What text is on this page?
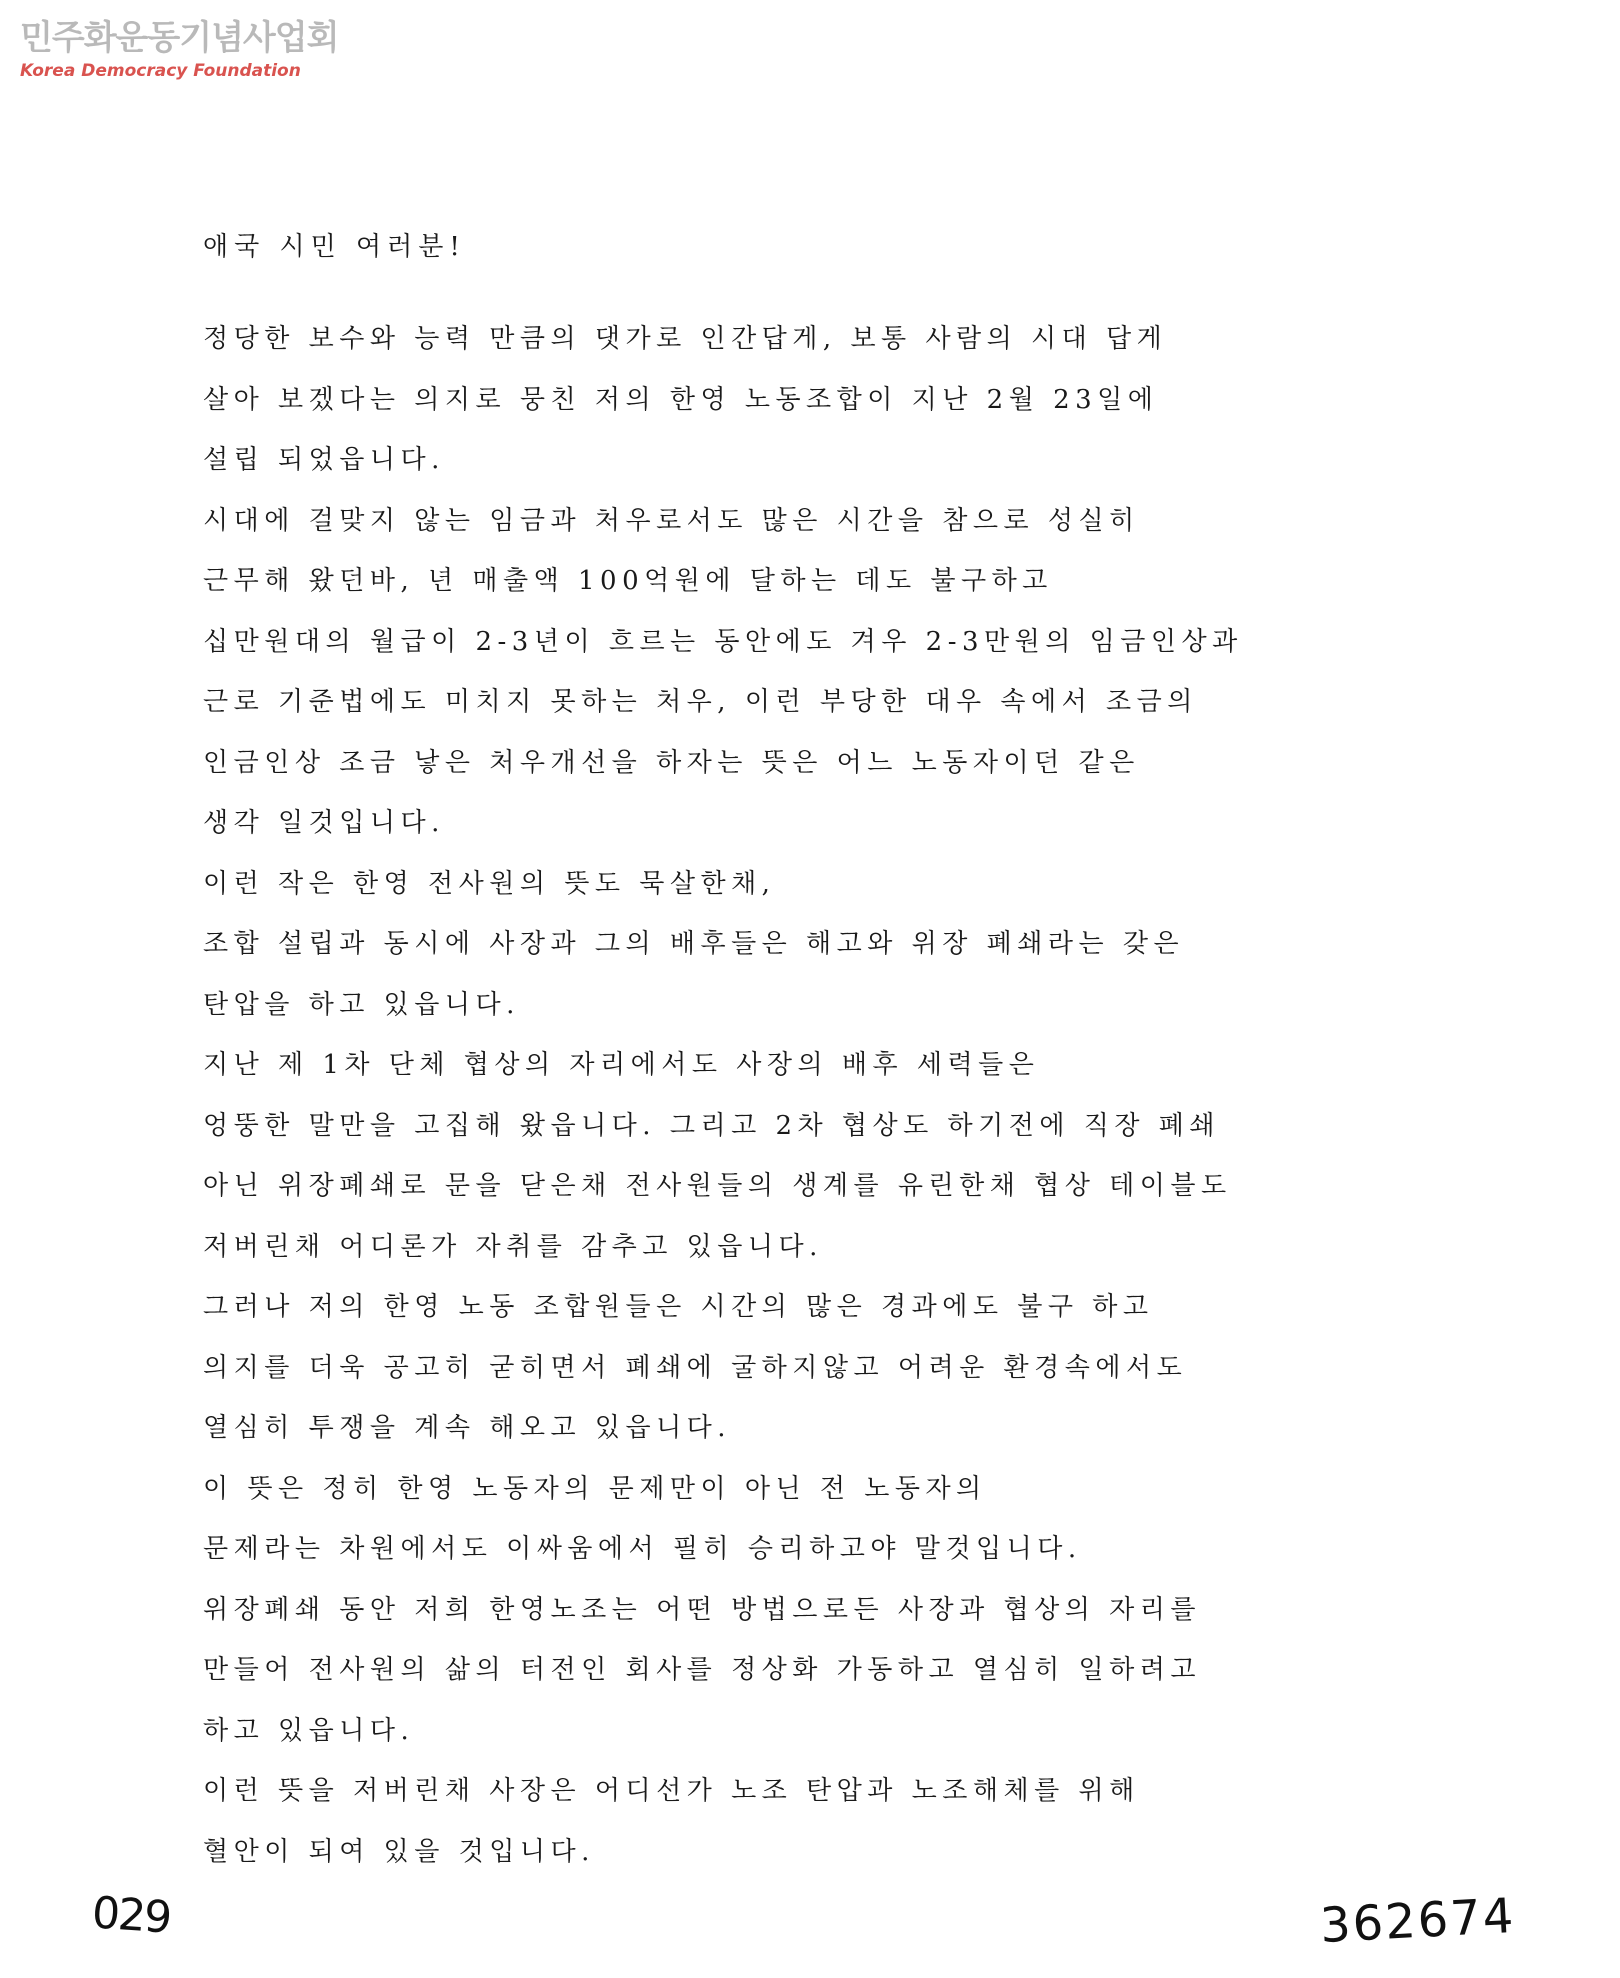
민주화운동기념사업회
Korea Democracy Foundation
애국 시민 여러분!
정당한 보수와 능력 만큼의 댓가로 인간답게, 보통 사람의 시대 답게
살아 보겠다는 의지로 뭉친 저의 한영 노동조합이 지난 2월 23일에
설립 되었읍니다.
시대에 걸맞지 않는 임금과 처우로서도 많은 시간을 참으로 성실히
근무해 왔던바, 년 매출액 100억원에 달하는 데도 불구하고
십만원대의 월급이 2-3년이 흐르는 동안에도 겨우 2-3만원의 임금인상과
근로 기준법에도 미치지 못하는 처우, 이런 부당한 대우 속에서 조금의
인금인상 조금 낳은 처우개선을 하자는 뜻은 어느 노동자이던 같은
생각 일것입니다.
이런 작은 한영 전사원의 뜻도 묵살한채,
조합 설립과 동시에 사장과 그의 배후들은 해고와 위장 폐쇄라는 갖은
탄압을 하고 있읍니다.
지난 제 1차 단체 협상의 자리에서도 사장의 배후 세력들은
엉뚱한 말만을 고집해 왔읍니다. 그리고 2차 협상도 하기전에 직장 폐쇄
아닌 위장폐쇄로 문을 닫은채 전사원들의 생계를 유린한채 협상 테이블도
저버린채 어디론가 자취를 감추고 있읍니다.
그러나 저의 한영 노동 조합원들은 시간의 많은 경과에도 불구 하고
의지를 더욱 공고히 굳히면서 폐쇄에 굴하지않고 어려운 환경속에서도
열심히 투쟁을 계속 해오고 있읍니다.
이 뜻은 정히 한영 노동자의 문제만이 아닌 전 노동자의
문제라는 차원에서도 이싸움에서 필히 승리하고야 말것입니다.
위장폐쇄 동안 저희 한영노조는 어떤 방법으로든 사장과 협상의 자리를
만들어 전사원의 삶의 터전인 회사를 정상화 가동하고 열심히 일하려고
하고 있읍니다.
이런 뜻을 저버린채 사장은 어디선가 노조 탄압과 노조해체를 위해
혈안이 되여 있을 것입니다.
029	362674
